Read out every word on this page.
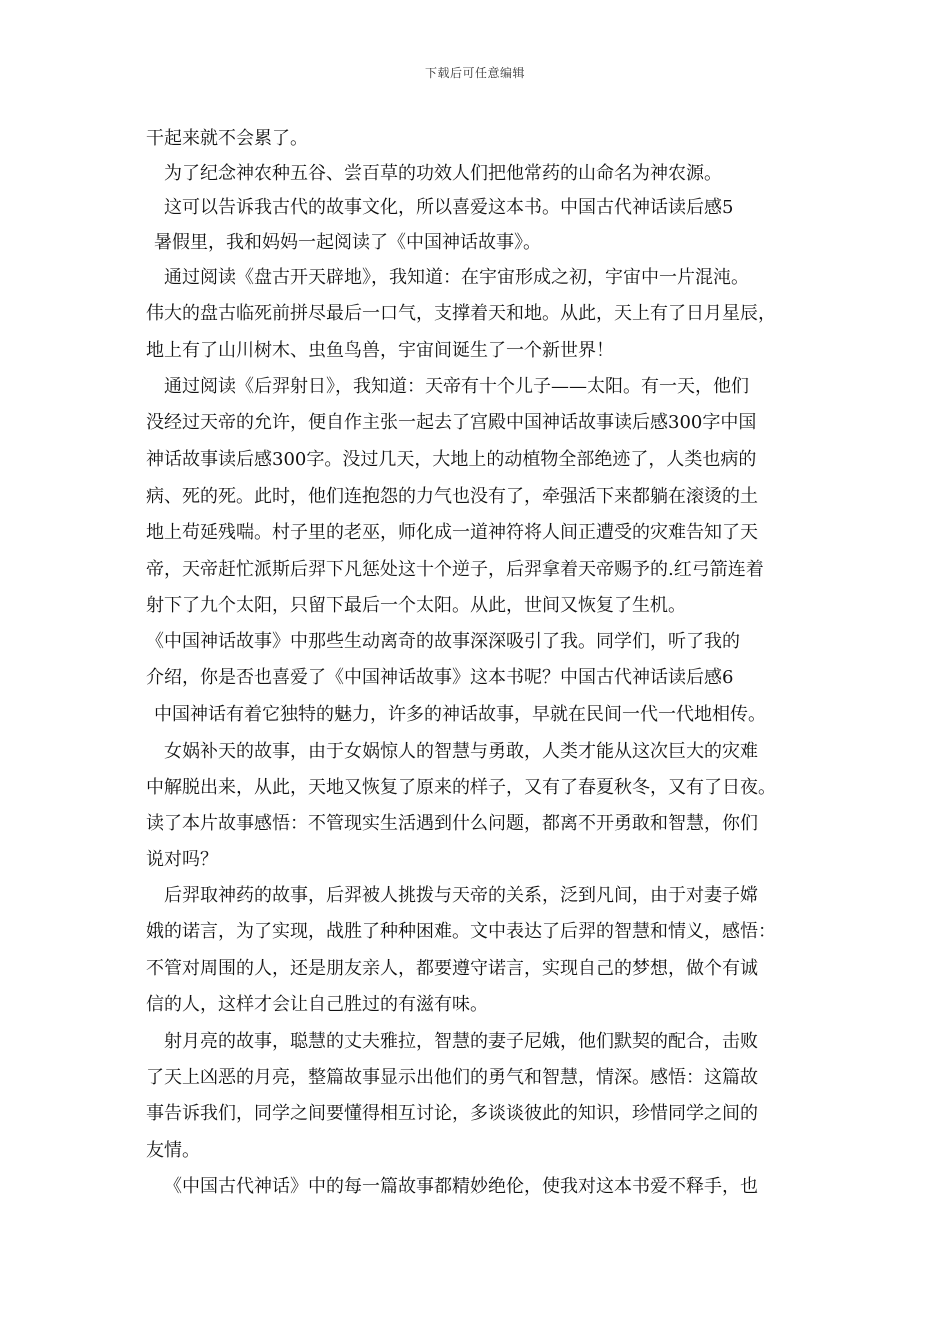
下载后可任意编辑
干起来就不会累了。
为了纪念神农种五谷、尝百草的功效人们把他常药的山命名为神农源。
这可以告诉我古代的故事文化，所以喜爱这本书。中国古代神话读后感5
暑假里，我和妈妈一起阅读了《中国神话故事》。
通过阅读《盘古开天辟地》，我知道：在宇宙形成之初，宇宙中一片混沌。
伟大的盘古临死前拼尽最后一口气，支撑着天和地。从此，天上有了日月星辰，
地上有了山川树木、虫鱼鸟兽，宇宙间诞生了一个新世界！
通过阅读《后羿射日》，我知道：天帝有十个儿子——太阳。有一天，他们
没经过天帝的允许，便自作主张一起去了宫殿中国神话故事读后感300字中国
神话故事读后感300字。没过几天，大地上的动植物全部绝迹了，人类也病的
病、死的死。此时，他们连抱怨的力气也没有了，牵强活下来都躺在滚烫的土
地上苟延残喘。村子里的老巫，师化成一道神符将人间正遭受的灾难告知了天
帝，天帝赶忙派斯后羿下凡惩处这十个逆子，后羿拿着天帝赐予的.红弓箭连着
射下了九个太阳，只留下最后一个太阳。从此，世间又恢复了生机。
《中国神话故事》中那些生动离奇的故事深深吸引了我。同学们，听了我的
介绍，你是否也喜爱了《中国神话故事》这本书呢？中国古代神话读后感6
中国神话有着它独特的魅力，许多的神话故事，早就在民间一代一代地相传。
女娲补天的故事，由于女娲惊人的智慧与勇敢，人类才能从这次巨大的灾难
中解脱出来，从此，天地又恢复了原来的样子，又有了春夏秋冬，又有了日夜。
读了本片故事感悟：不管现实生活遇到什么问题，都离不开勇敢和智慧，你们
说对吗？
后羿取神药的故事，后羿被人挑拨与天帝的关系，泛到凡间，由于对妻子嫦
娥的诺言，为了实现，战胜了种种困难。文中表达了后羿的智慧和情义，感悟：
不管对周围的人，还是朋友亲人，都要遵守诺言，实现自己的梦想，做个有诚
信的人，这样才会让自己胜过的有滋有味。
射月亮的故事，聪慧的丈夫雅拉，智慧的妻子尼娥，他们默契的配合，击败
了天上凶恶的月亮，整篇故事显示出他们的勇气和智慧，情深。感悟：这篇故
事告诉我们，同学之间要懂得相互讨论，多谈谈彼此的知识，珍惜同学之间的
友情。
《中国古代神话》中的每一篇故事都精妙绝伦，使我对这本书爱不释手，也
